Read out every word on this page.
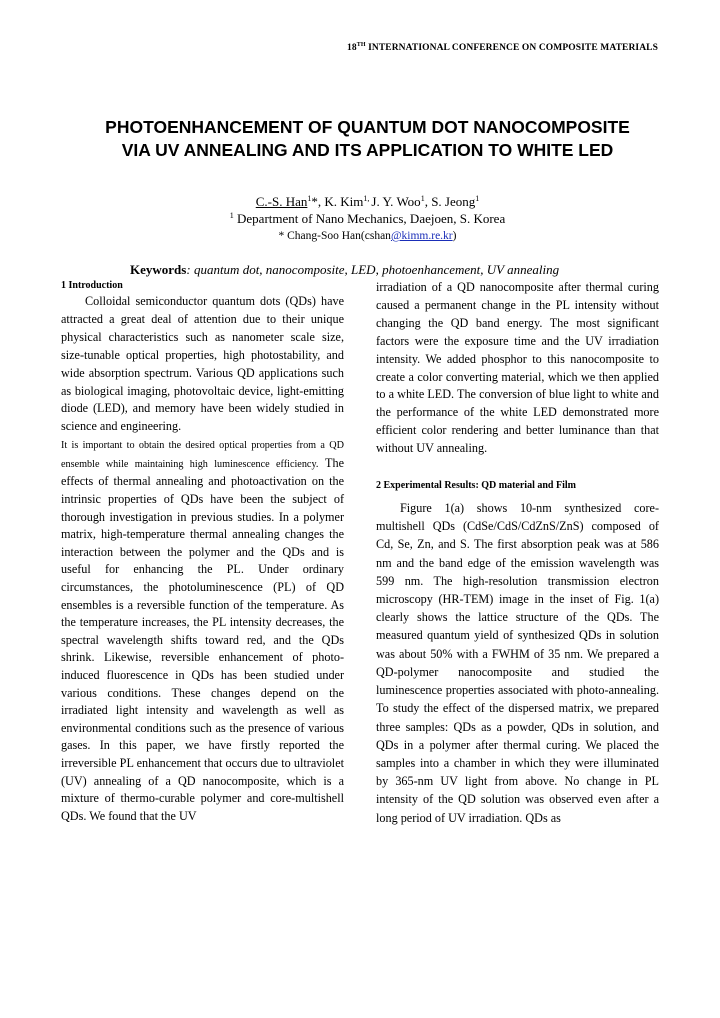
18TH INTERNATIONAL CONFERENCE ON COMPOSITE MATERIALS
PHOTOENHANCEMENT OF QUANTUM DOT NANOCOMPOSITE VIA UV ANNEALING AND ITS APPLICATION TO WHITE LED
C.-S. Han$^1$*, K. Kim$^{1,}$ J. Y. Woo$^1$, S. Jeong$^1$
$^1$ Department of Nano Mechanics, Daejoen, S. Korea
* Chang-Soo Han(cshan@kimm.re.kr)
Keywords: quantum dot, nanocomposite, LED, photoenhancement, UV annealing
1 Introduction

Colloidal semiconductor quantum dots (QDs) have attracted a great deal of attention due to their unique physical characteristics such as nanometer scale size, size-tunable optical properties, high photostability, and wide absorption spectrum. Various QD applications such as biological imaging, photovoltaic device, light-emitting diode (LED), and memory have been widely studied in science and engineering.

It is important to obtain the desired optical properties from a QD ensemble while maintaining high luminescence efficiency. The effects of thermal annealing and photoactivation on the intrinsic properties of QDs have been the subject of thorough investigation in previous studies. In a polymer matrix, high-temperature thermal annealing changes the interaction between the polymer and the QDs and is useful for enhancing the PL. Under ordinary circumstances, the photoluminescence (PL) of QD ensembles is a reversible function of the temperature. As the temperature increases, the PL intensity decreases, the spectral wavelength shifts toward red, and the QDs shrink. Likewise, reversible enhancement of photo-induced fluorescence in QDs has been studied under various conditions. These changes depend on the irradiated light intensity and wavelength as well as environmental conditions such as the presence of various gases. In this paper, we have firstly reported the irreversible PL enhancement that occurs due to ultraviolet (UV) annealing of a QD nanocomposite, which is a mixture of thermo-curable polymer and core-multishell QDs. We found that the UV

irradiation of a QD nanocomposite after thermal curing caused a permanent change in the PL intensity without changing the QD band energy. The most significant factors were the exposure time and the UV irradiation intensity. We added phosphor to this nanocomposite to create a color converting material, which we then applied to a white LED. The conversion of blue light to white and the performance of the white LED demonstrated more efficient color rendering and better luminance than that without UV annealing.

2 Experimental Results: QD material and Film

Figure 1(a) shows 10-nm synthesized core-multishell QDs (CdSe/CdS/CdZnS/ZnS) composed of Cd, Se, Zn, and S. The first absorption peak was at 586 nm and the band edge of the emission wavelength was 599 nm. The high-resolution transmission electron microscopy (HR-TEM) image in the inset of Fig. 1(a) clearly shows the lattice structure of the QDs. The measured quantum yield of synthesized QDs in solution was about 50% with a FWHM of 35 nm. We prepared a QD-polymer nanocomposite and studied the luminescence properties associated with photo-annealing. To study the effect of the dispersed matrix, we prepared three samples: QDs as a powder, QDs in solution, and QDs in a polymer after thermal curing. We placed the samples into a chamber in which they were illuminated by 365-nm UV light from above. No change in PL intensity of the QD solution was observed even after a long period of UV irradiation. QDs as
